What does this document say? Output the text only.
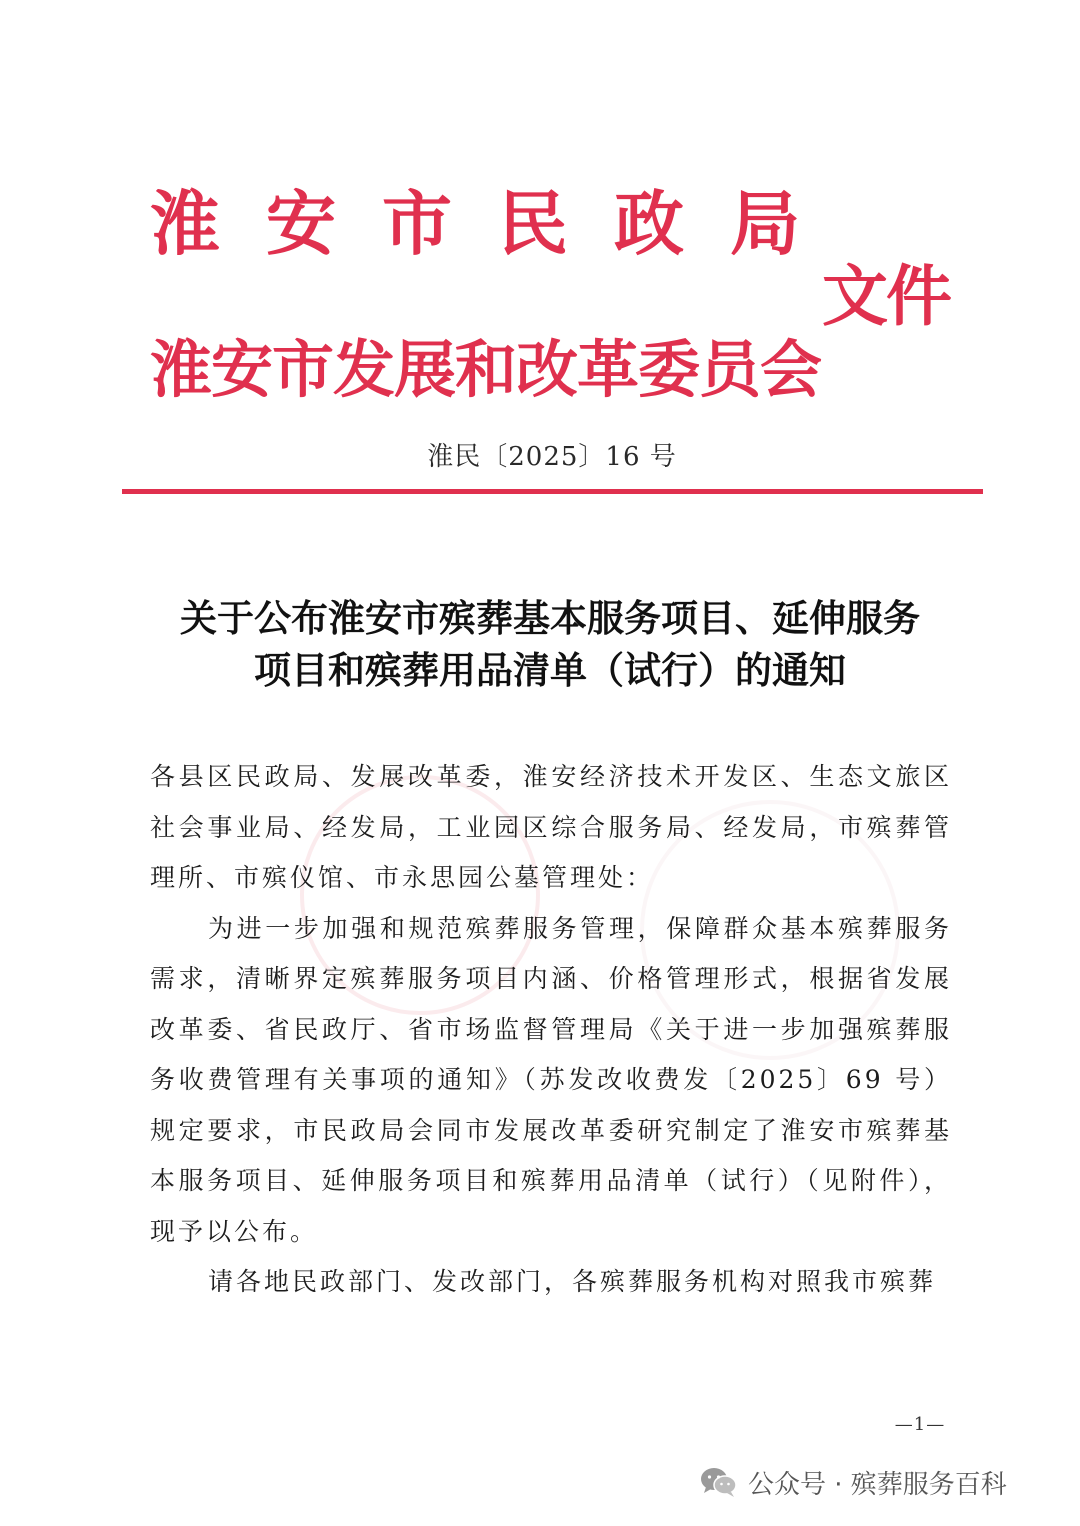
淮安市民政局
文件
淮安市发展和改革委员会
淮民〔2025〕16 号
关于公布淮安市殡葬基本服务项目、延伸服务
项目和殡葬用品清单（试行）的通知

各县区民政局、发展改革委，淮安经济技术开发区、生态文旅区社会事业局、经发局，工业园区综合服务局、经发局，市殡葬管理所、市殡仪馆、市永思园公墓管理处：

为进一步加强和规范殡葬服务管理，保障群众基本殡葬服务需求，清晰界定殡葬服务项目内涵、价格管理形式，根据省发展改革委、省民政厅、省市场监督管理局《关于进一步加强殡葬服务收费管理有关事项的通知》（苏发改收费发〔2025〕69 号）规定要求，市民政局会同市发展改革委研究制定了淮安市殡葬基本服务项目、延伸服务项目和殡葬用品清单（试行）（见附件），现予以公布。

请各地民政部门、发改部门，各殡葬服务机构对照我市殡葬

—1—
公众号 · 殡葬服务百科
